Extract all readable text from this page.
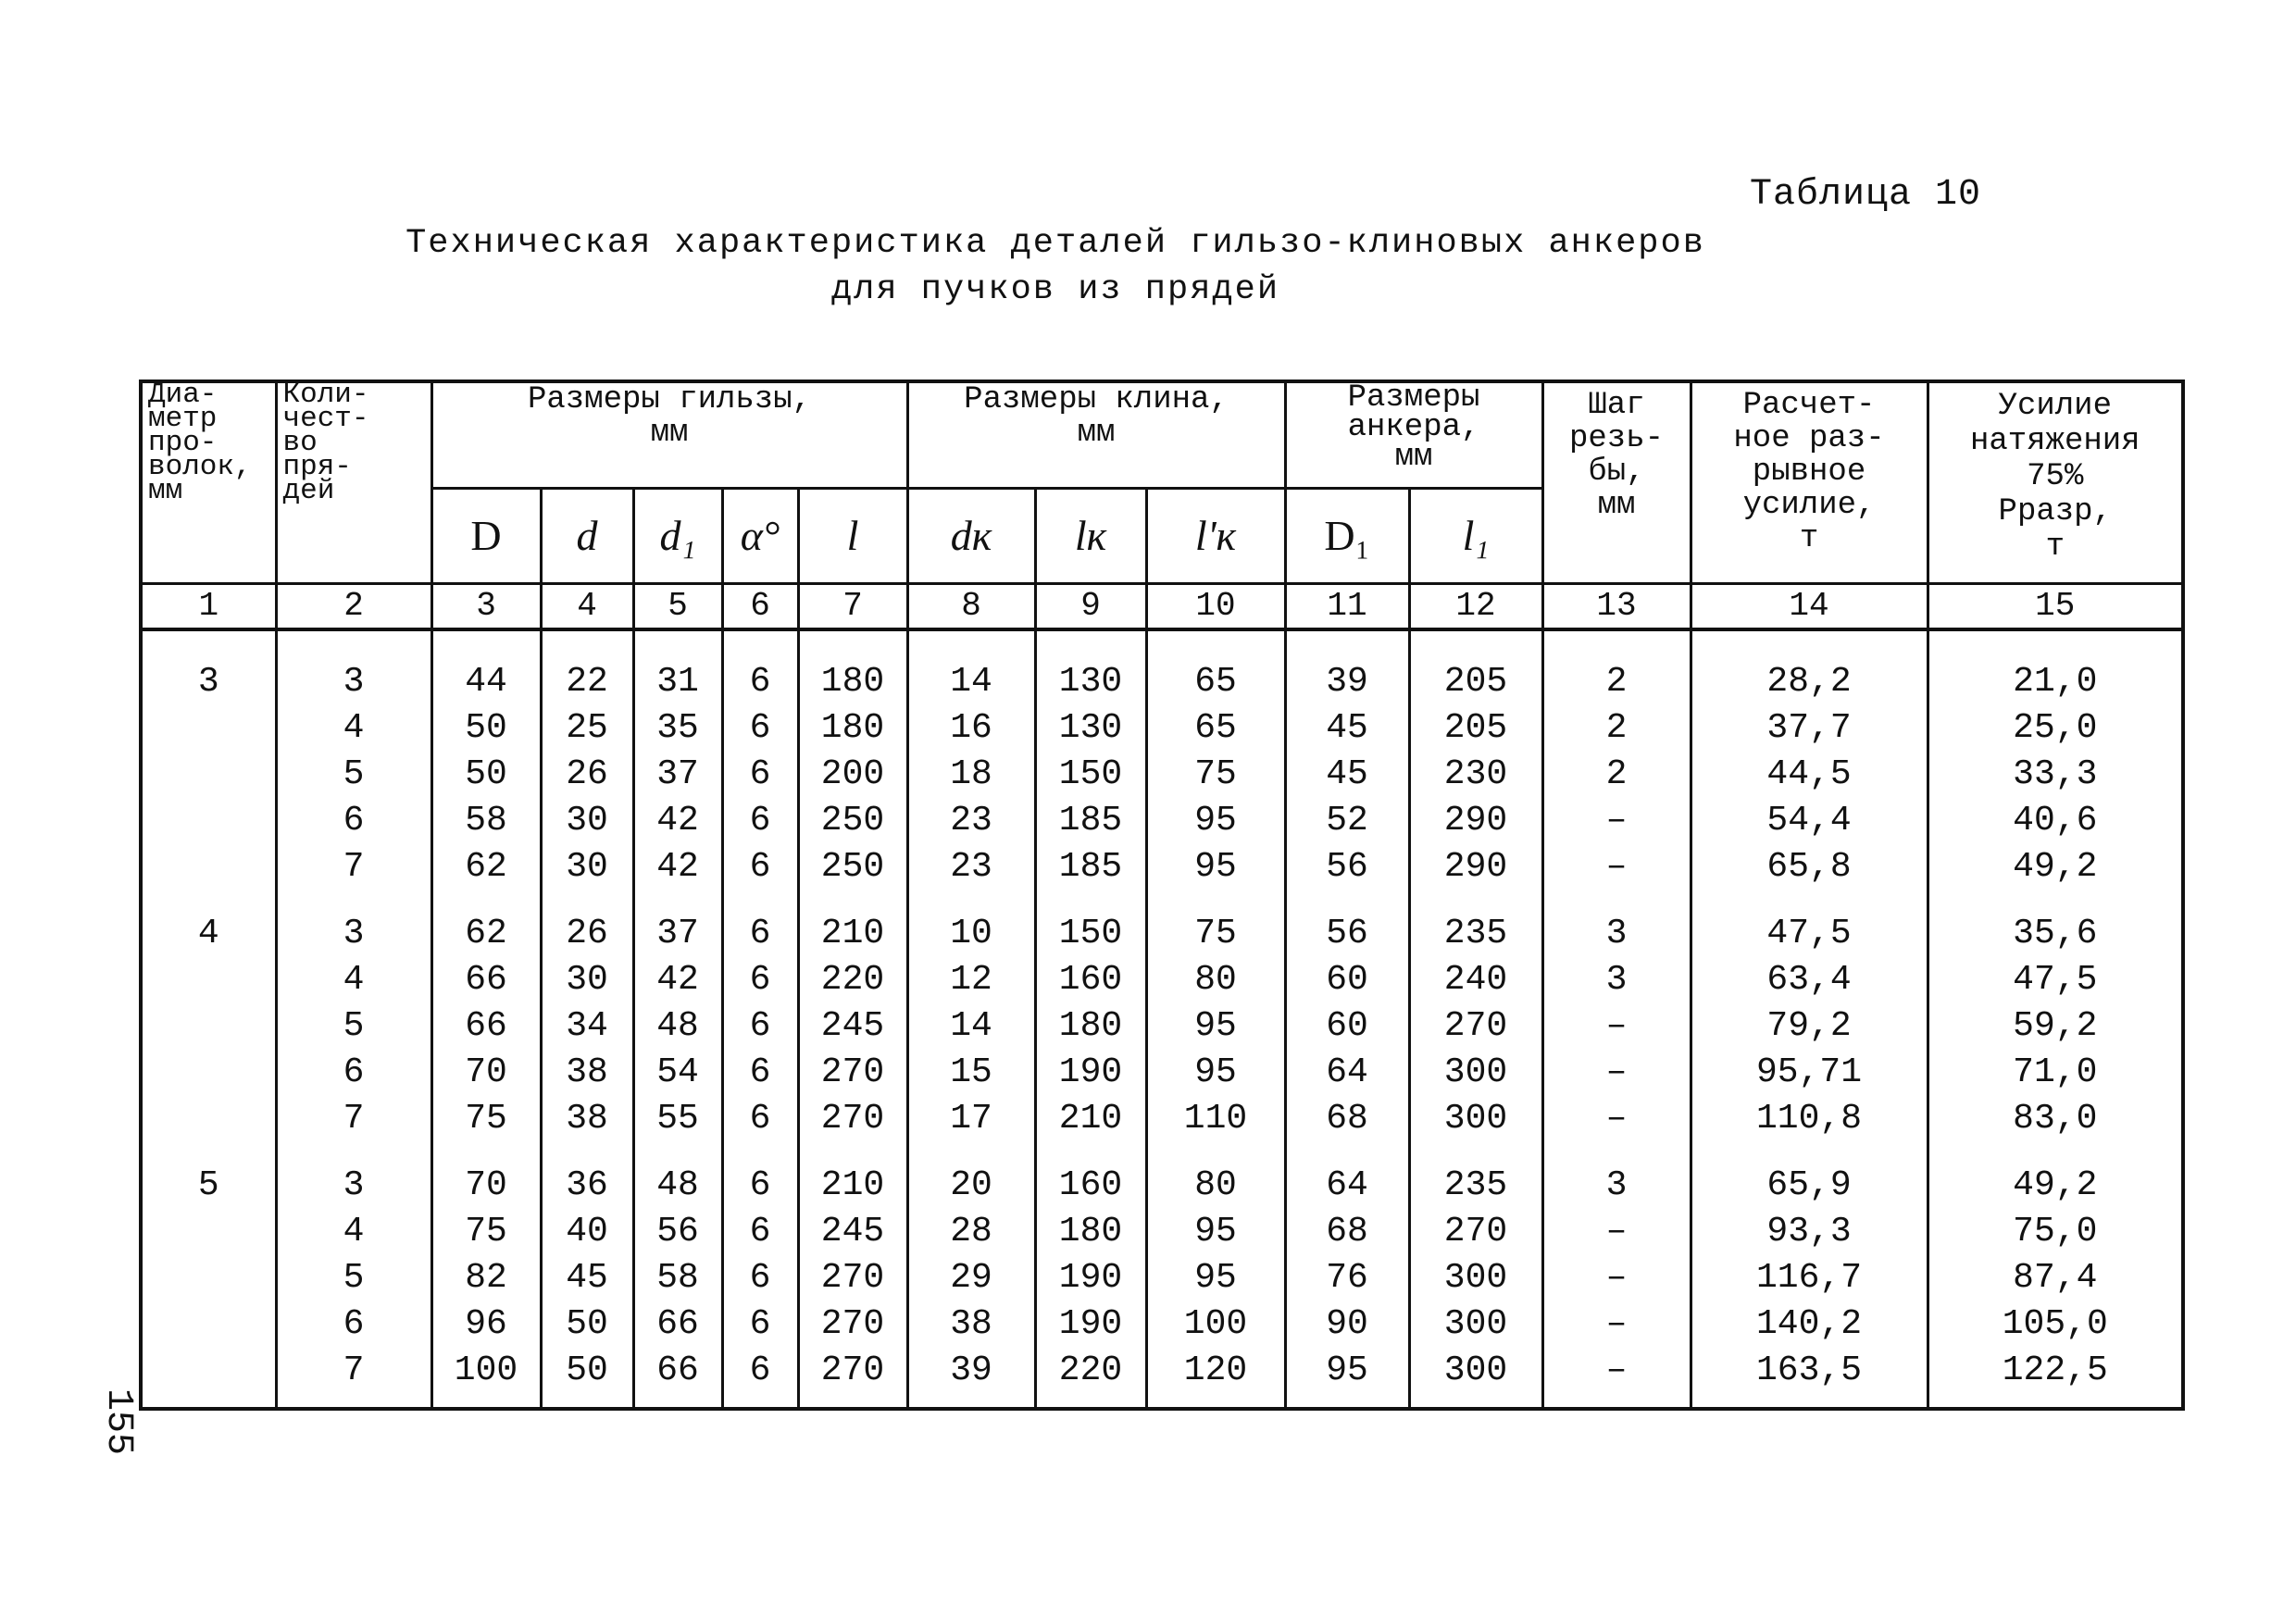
Таблица 10
Техническая характеристика деталей гильзо-клиновых анкеров
для пучков из прядей
155
Диа-
метр
про-
волок,
мм	Коли-
чест-
во
пря-
дей	Размеры гильзы,
мм					Размеры клина,
мм			Размеры
анкера,
мм		Шаг
резь-
бы,
мм	Расчет-
ное раз-
рывное
усилие,
т	Усилие
натяжения
75%
Рразр,
т
		D	d	d₁	α°	l	dк	lк	l'к	D₁	l₁			
1	2	3	4	5	6	7	8	9	10	11	12	13	14	15

3	3	44	22	31	6	180	14	130	65	39	205	2	28,2	21,0
	4	50	25	35	6	180	16	130	65	45	205	2	37,7	25,0
	5	50	26	37	6	200	18	150	75	45	230	2	44,5	33,3
	6	58	30	42	6	250	23	185	95	52	290	–	54,4	40,6
	7	62	30	42	6	250	23	185	95	56	290	–	65,8	49,2
4	3	62	26	37	6	210	10	150	75	56	235	3	47,5	35,6
	4	66	30	42	6	220	12	160	80	60	240	3	63,4	47,5
	5	66	34	48	6	245	14	180	95	60	270	–	79,2	59,2
	6	70	38	54	6	270	15	190	95	64	300	–	95,71	71,0
	7	75	38	55	6	270	17	210	110	68	300	–	110,8	83,0
5	3	70	36	48	6	210	20	160	80	64	235	3	65,9	49,2
	4	75	40	56	6	245	28	180	95	68	270	–	93,3	75,0
	5	82	45	58	6	270	29	190	95	76	300	–	116,7	87,4
	6	96	50	66	6	270	38	190	100	90	300	–	140,2	105,0
	7	100	50	66	6	270	39	220	120	95	300	–	163,5	122,5
